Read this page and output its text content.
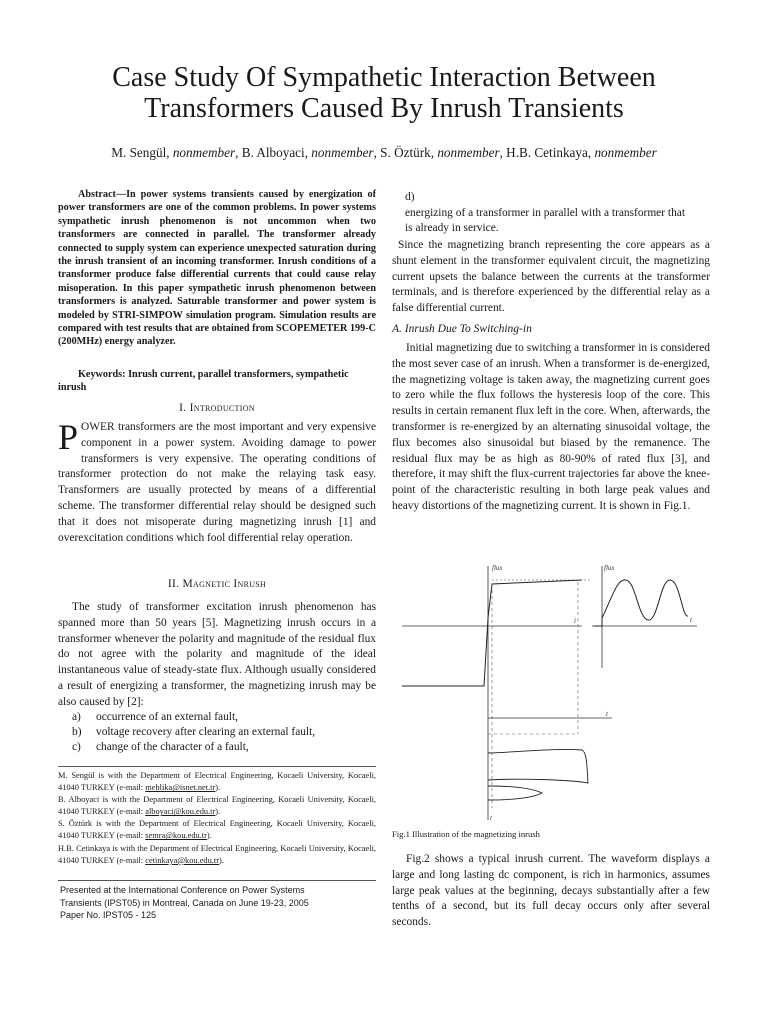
Case Study Of Sympathetic Interaction Between
Transformers Caused By Inrush Transients
M. Sengül, nonmember, B. Alboyaci, nonmember, S. Öztürk, nonmember, H.B. Cetinkaya, nonmember
Abstract—In power systems transients caused by energization of power transformers are one of the common problems. In power systems sympathetic inrush phenomenon is not uncommon when two transformers are connected in parallel. The transformer already connected to supply system can experience unexpected saturation during the inrush transient of an incoming transformer. Inrush conditions of a transformer produce false differential currents that could cause relay misoperation. In this paper sympathetic inrush phenomenon between transformers is analyzed. Saturable transformer and power system is modeled by STRI-SIMPOW simulation program. Simulation results are compared with test results that are obtained from SCOPEMETER 199-C (200MHz) energy analyzer.
Keywords: Inrush current, parallel transformers, sympathetic inrush
I. Introduction
POWER transformers are the most important and very expensive component in a power system. Avoiding damage to power transformers is very expensive. The operating conditions of transformer protection do not make the relaying task easy. Transformers are usually protected by means of a differential scheme. The transformer differential relay should be designed such that it does not misoperate during magnetizing inrush [1] and overexcitation conditions which fool differential relay operation.
II. Magnetic Inrush
The study of transformer excitation inrush phenomenon has spanned more than 50 years [5]. Magnetizing inrush occurs in a transformer whenever the polarity and magnitude of the residual flux do not agree with the polarity and magnitude of the ideal instantaneous value of steady-state flux. Although usually considered a result of energizing a transformer, the magnetizing inrush may be also caused by [2]:
a) occurrence of an external fault,
b) voltage recovery after clearing an external fault,
c) change of the character of a fault,
M. Sengül is with the Department of Electrical Engineering, Kocaeli University, Kocaeli, 41040 TURKEY (e-mail: mehlika@isnet.net.tr).
B. Alboyaci is with the Department of Electrical Engineering, Kocaeli University, Kocaeli, 41040 TURKEY (e-mail: alboyaci@kou.edu.tr).
S. Öztürk is with the Department of Electrical Engineering, Kocaeli University, Kocaeli, 41040 TURKEY (e-mail: semra@kou.edu.tr).
H.B. Cetinkaya is with the Department of Electrical Engineering, Kocaeli University, Kocaeli, 41040 TURKEY (e-mail: cetinkaya@kou.edu.tr).
Presented at the International Conference on Power Systems
Transients (IPST05) in Montreal, Canada on June 19-23, 2005
Paper No. IPST05 - 125
d) energizing of a transformer in parallel with a transformer that is already in service.
Since the magnetizing branch representing the core appears as a shunt element in the transformer equivalent circuit, the magnetizing current upsets the balance between the currents at the transformer terminals, and is therefore experienced by the differential relay as a false differential current.
A. Inrush Due To Switching-in
Initial magnetizing due to switching a transformer in is considered the most sever case of an inrush. When a transformer is de-energized, the magnetizing voltage is taken away, the magnetizing current goes to zero while the flux follows the hysteresis loop of the core. This results in certain remanent flux left in the core. When, afterwards, the transformer is re-energized by an alternating sinusoidal voltage, the flux becomes also sinusoidal but biased by the remanence. The residual flux may be as high as 80-90% of rated flux [3], and therefore, it may shift the flux-current trajectories far above the knee-point of the characteristic resulting in both large peak values and heavy distortions of the magnetizing current. It is shown in Fig.1.
flux	flux
i	t
t
t
Fig.1 Illustration of the magnetizing inrush
Fig.2 shows a typical inrush current. The waveform displays a large and long lasting dc component, is rich in harmonics, assumes large peak values at the beginning, decays substantially after a few tenths of a second, but its full decay occurs only after several seconds.
